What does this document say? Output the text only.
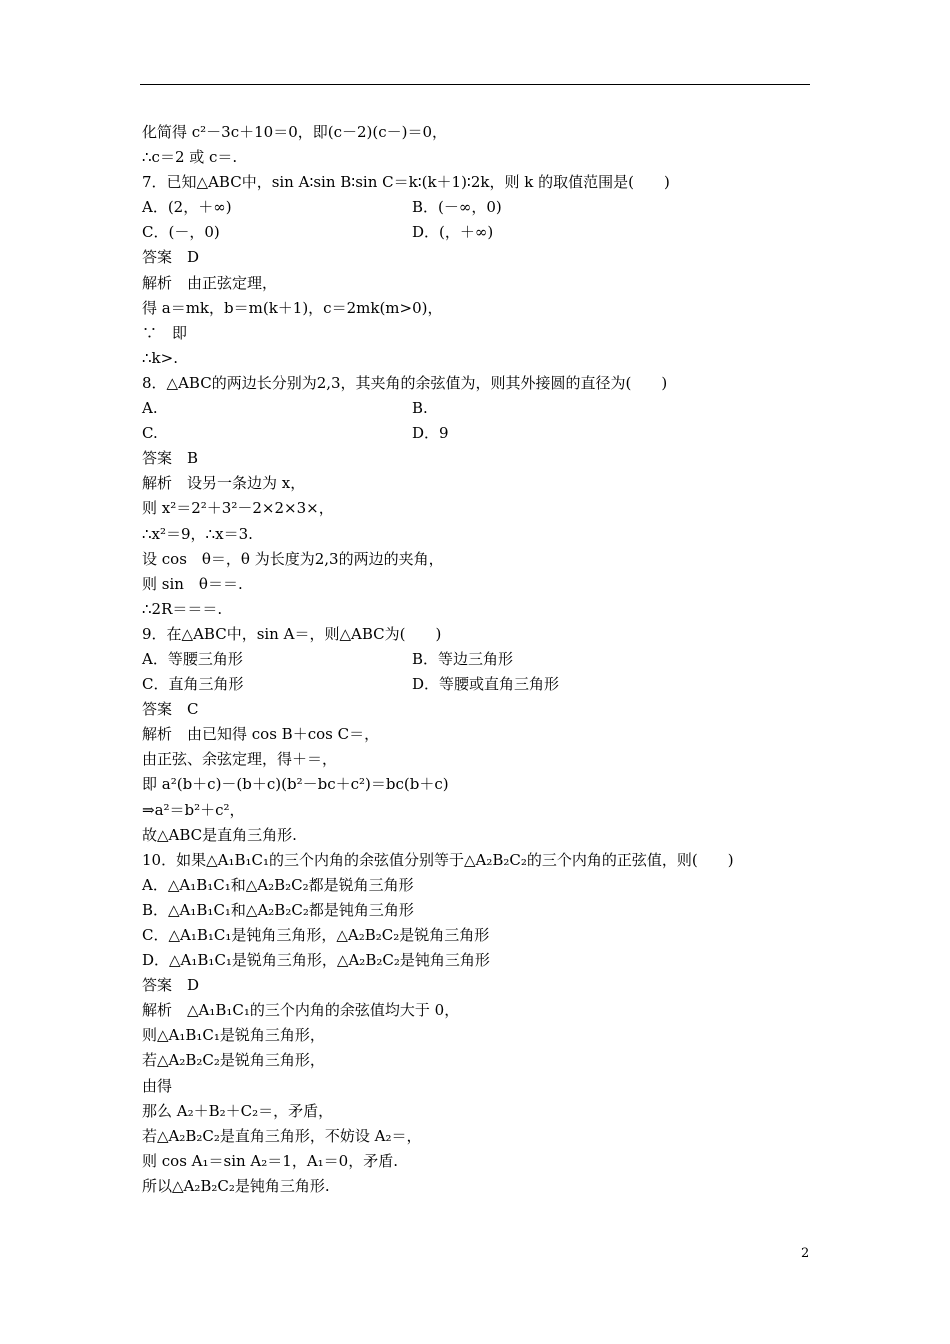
化简得 c²－3c＋10＝0，即(c－2)(c－)＝0，
∴c＝2 或 c＝.
7．已知△ABC中，sin A∶sin B∶sin C＝k∶(k＋1)∶2k，则 k 的取值范围是(　　)
A．(2，＋∞)	B．(－∞，0)
C．(－，0)	D．(，＋∞)
答案　D
解析　由正弦定理，
得 a＝mk，b＝m(k＋1)，c＝2mk(m>0)，
∵　即
∴k>.
8．△ABC的两边长分别为2,3，其夹角的余弦值为，则其外接圆的直径为(　　)
A.	B.
C.	D．9
答案　B
解析　设另一条边为 x，
则 x²＝2²＋3²－2×2×3×，
∴x²＝9，∴x＝3.
设 cos　θ＝，θ 为长度为2,3的两边的夹角，
则 sin　θ＝＝.
∴2R＝＝＝.
9．在△ABC中，sin A＝，则△ABC为(　　)
A．等腰三角形	B．等边三角形
C．直角三角形	D．等腰或直角三角形
答案　C
解析　由已知得 cos B＋cos C＝，
由正弦、余弦定理，得＋＝，
即 a²(b＋c)－(b＋c)(b²－bc＋c²)＝bc(b＋c)
⇒a²＝b²＋c²，
故△ABC是直角三角形.
10．如果△A₁B₁C₁的三个内角的余弦值分别等于△A₂B₂C₂的三个内角的正弦值，则(　　)
A．△A₁B₁C₁和△A₂B₂C₂都是锐角三角形
B．△A₁B₁C₁和△A₂B₂C₂都是钝角三角形
C．△A₁B₁C₁是钝角三角形，△A₂B₂C₂是锐角三角形
D．△A₁B₁C₁是锐角三角形，△A₂B₂C₂是钝角三角形
答案　D
解析　△A₁B₁C₁的三个内角的余弦值均大于 0，
则△A₁B₁C₁是锐角三角形，
若△A₂B₂C₂是锐角三角形，
由得
那么 A₂＋B₂＋C₂＝，矛盾，
若△A₂B₂C₂是直角三角形，不妨设 A₂＝，
则 cos A₁＝sin A₂＝1，A₁＝0，矛盾.
所以△A₂B₂C₂是钝角三角形.
2
